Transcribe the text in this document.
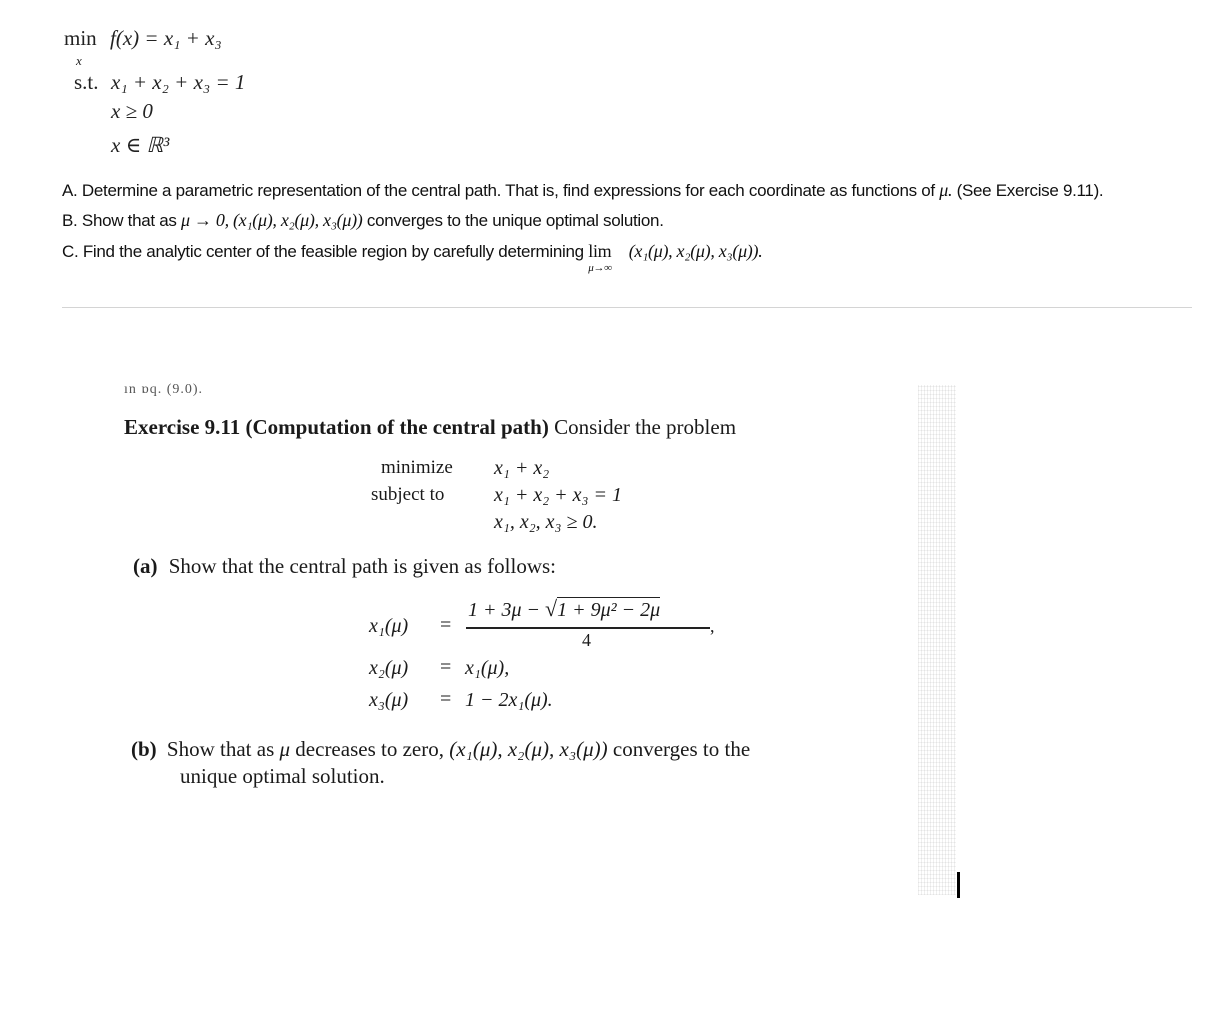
min
x
f(x) = x₁ + x₃
s.t. x₁ + x₂ + x₃ = 1
x ≥ 0
x ∈ ℝ³
A. Determine a parametric representation of the central path. That is, find expressions for each coordinate as functions of μ. (See Exercise 9.11).
B. Show that as μ → 0, (x₁(μ), x₂(μ), x₃(μ)) converges to the unique optimal solution.
C. Find the analytic center of the feasible region by carefully determining lim
μ→∞
(x₁(μ), x₂(μ), x₃(μ)).
ın ɒq. (9.0).
Exercise 9.11 (Computation of the central path) Consider the problem
minimize x₁ + x₂
subject to x₁ + x₂ + x₃ = 1
x₁, x₂, x₃ ≥ 0.
(a) Show that the central path is given as follows:
x₁(μ) =
1 + 3μ − √1 + 9μ² − 2μ
4
,
x₂(μ) = x₁(μ),
x₃(μ) = 1 − 2x₁(μ).
(b) Show that as μ decreases to zero, (x₁(μ), x₂(μ), x₃(μ)) converges to the
unique optimal solution.
